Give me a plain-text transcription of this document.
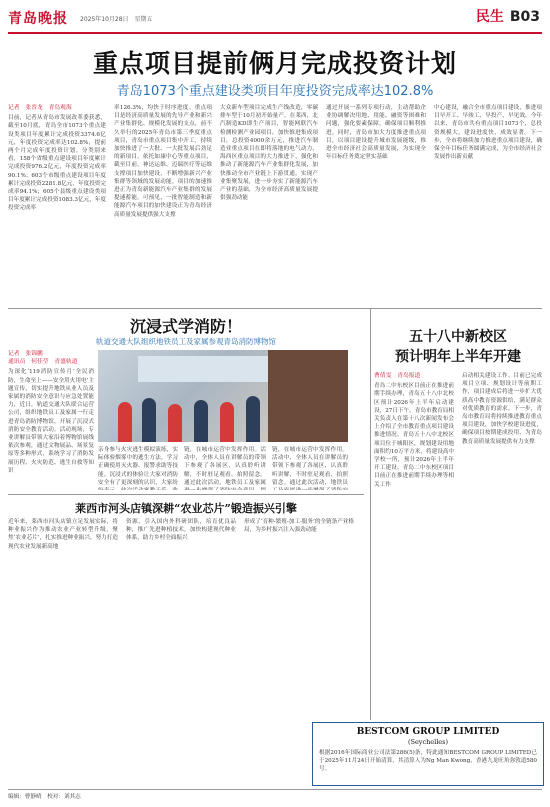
青岛晚报 2025年10月28日　星期五	民生 B03
重点项目提前俩月完成投资计划
青岛1073个重点建设类项目年度投资完成率达102.8%
记者　张晋龙　青岛观海
目前，记者从青岛市发展改革委获悉，截至10月底，青岛全市1073个重点建设类项目年度累计完成投资3374.6亿元，年度投资完成率达102.8%，提前两个月完成年度投资计划。分类别来看，158个省级重点建设项目年度累计完成投资976.2亿元，年度投资完成率90.1%；603个市级重点建设项目年度累计完成投资2281.8亿元，年度投资完成率94.1%；605个县级重点建设类项目年度累计完成投资1083.3亿元，年度投资完成率
率126.3%，均快于时序进度。重点项目是经济高质量发展的先导产业和新兴产业集群化、规模化发展的支点，前不久举行的2025年青岛市第三季度重点项目，青岛市重点项目集中开工，持续加快推进了一大批、一大批发展后劲足的新项目。依托如康中心等重点项目，截至目前，神达运维、迈瑞医疗等运维支撑项目加快建设，不断增强新兴产业集群等领域的发展动能。项目的加速推进正为青岛新能源汽车产业集群的发展提速蓄能。可预见，一批智能制造和新能源汽车项目的加快建设正为青岛经济高质量发展提供强大支撑
大众新车型项目完成生产线改造，零碳排车型于10月初开始量产。在莱西，北汽制造KD即生产项目，智能网联汽车检测检测产业园项目，加快推进集成项目，总投资4000余万元，推进汽车制造业重点项目在即将落地的电气动力、海西区重点项目的大力推进下，强化和推动了新能源汽车产业集群化发展，加快推动全市产业链上下游贯通，实现产业集聚发展，进一步夯实了新能源汽车产业的基础，为全市经济高质量发展提供强劲动能
通过开展一系列专项行动，主动帮助企业协调解决用地、用能、融资等困难和问题，强化要素保障，确保项目顺利推进。同时，青岛市加大力度推进重点项目，以项目建设提升城市发展能级，推进全市经济社会高质量发展，为实现全年目标任务奠定坚实基础
中心建设，融合全市重点项目建设，推进项目早开工、早竣工、早投产、早见效。今年以来，青岛市共有重点项目1073个，总投资规模大，建设进度快，成效显著。下一步，全市将继续加力推进重点项目建设，确保全年目标任务圆满完成，为全市经济社会发展作出新贡献
沉浸式学消防！
轨道交通大队组织地铁员工及家属参观青岛消防博物馆
记者　张锦鹏
通讯员　何佳莹　青盛轨道
为深化‘119消防宣传月’全民消防，生命至上——安全用火用电’主题宣传，切实提升地铁从业人员及家属的消防安全意识与应急处置能力，近日，轨道交通大队联合运营公司，组织地铁员工及家属一行走进青岛消防博物馆，开展了沉浸式消防安全教育活动。活动现场，专业讲解员带领大家沿着博物馆展线依次参观，通过文物展品、场景复原等多种形式，系统学习了消防发展历程、火灾防范、逃生自救等知识
亲身参与火灾逃生模拟演练，实际体验烟雾中的逃生方法，学习正确使用灭火器、报警求助等技能。沉浸式的体验让大家对消防安全有了更深刻的认识，大家纷
链，在城市运营中发挥作用。活动中，全体人员在讲解员的带领下参观了各展区，认真聆听讲解，不时驻足观看、拍照留念。通过此次活动，地铁员工及家属
链，在城市运营中发挥作用。活动中，全体人员在讲解员的带领下参观了各展区，认真聆听讲解，不时驻足观看、拍照留念。通过此次活动，地铁员
莱西市河头店镇深耕“农业芯片”锻造振兴引擎
近年来，莱西市河头店镇立足发展实际，将种业振兴作为推动农业产业转型升级，聚焦‘农业芯片’，扎实推进种业振兴，努力打造现代农业发展新高地
资源，引入国内外科研团队，培育优良品种，推广先进种植技术，加快构建现代种业体系，助力乡村全面振兴
形成了‘育种-繁殖-加工-服务’的全链条产业格局，为乡村振兴注入强劲动能
五十八中新校区
预计明年上半年开建
曹倩雯　青岛报道
青岛二中东校区目前正在推进前期手续办理，青岛五十八中北校区预计2026年上半年启动建设，27日下午，青岛市教育局相关负责人在第十八次新闻发布会上介绍了全市教育重点项目建设推进情况。青岛五十八中北校区项目位于城阳区，规划建设用地面积约10万平方米，将建设高中学校一所，预计2026年上半年开工建设。青岛二中东校区项目目前正在推进前期手续办理等相关工作
启动相关建设工作。目前已完成项目立项、规划设计等前期工作，项目建成后将进一步扩大优质高中教育资源供给，满足群众对优质教育的需求。下一步，青岛市教育局将持续推进教育重点项目建设，加快学校建设进度，确保项目按期建成投用，为青岛教育高质量发展提供有力支撑
BESTCOM GROUP LIMITED
(Seychelles)
根据2016年国际商业公司法第286(5)条，特此通知BESTCOM GROUP LIMITED已于2025年11月24日开始清算，其清算人为Ng Man Kwong，香港九龙旺角弥敦道580号。
编辑：曹静晴　校对：刘其志
